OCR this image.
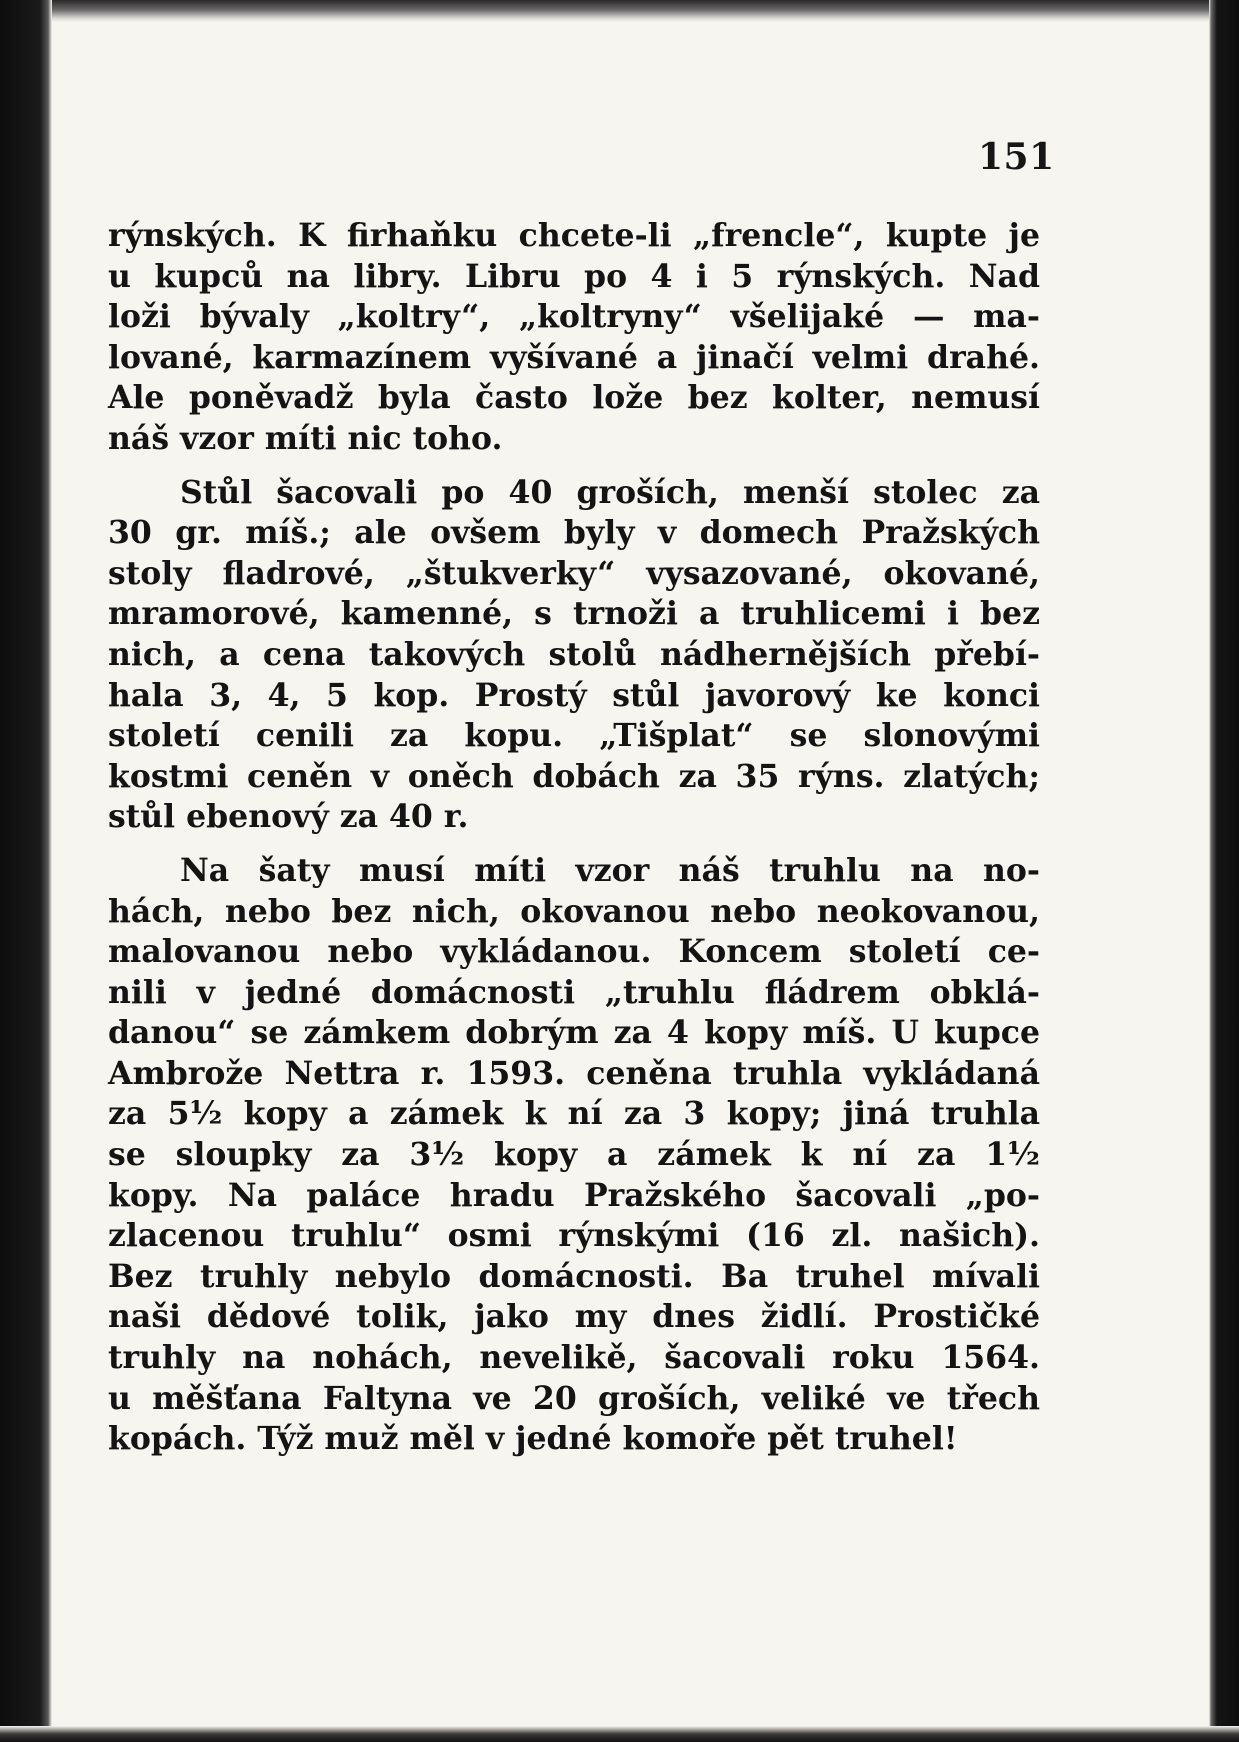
151

rýnských. K firhaňku chcete-li „frencle“, kupte je
u kupců na libry. Libru po 4 i 5 rýnských. Nad
loži bývaly „koltry“, „koltryny“ všelijaké — ma-
lované, karmazínem vyšívané a jinačí velmi drahé.
Ale poněvadž byla často lože bez kolter, nemusí
náš vzor míti nic toho.

Stůl šacovali po 40 groších, menší stolec za
30 gr. míš.; ale ovšem byly v domech Pražských
stoly fladrové, „štukverky“ vysazované, okované,
mramorové, kamenné, s trnoži a truhlicemi i bez
nich, a cena takových stolů nádhernějších přebí-
hala 3, 4, 5 kop. Prostý stůl javorový ke konci
století cenili za kopu. „Tišplat“ se slonovými
kostmi ceněn v oněch dobách za 35 rýns. zlatých;
stůl ebenový za 40 r.

Na šaty musí míti vzor náš truhlu na no-
hách, nebo bez nich, okovanou nebo neokovanou,
malovanou nebo vykládanou. Koncem století ce-
nili v jedné domácnosti „truhlu fládrem obklá-
danou“ se zámkem dobrým za 4 kopy míš. U kupce
Ambrože Nettra r. 1593. ceněna truhla vykládaná
za 5½ kopy a zámek k ní za 3 kopy; jiná truhla
se sloupky za 3½ kopy a zámek k ní za 1½
kopy. Na paláce hradu Pražského šacovali „po-
zlacenou truhlu“ osmi rýnskými (16 zl. našich).
Bez truhly nebylo domácnosti. Ba truhel mívali
naši dědové tolik, jako my dnes židlí. Prostičké
truhly na nohách, nevelikě, šacovali roku 1564.
u měšťana Faltyna ve 20 groších, veliké ve třech
kopách. Týž muž měl v jedné komoře pět truhel!
